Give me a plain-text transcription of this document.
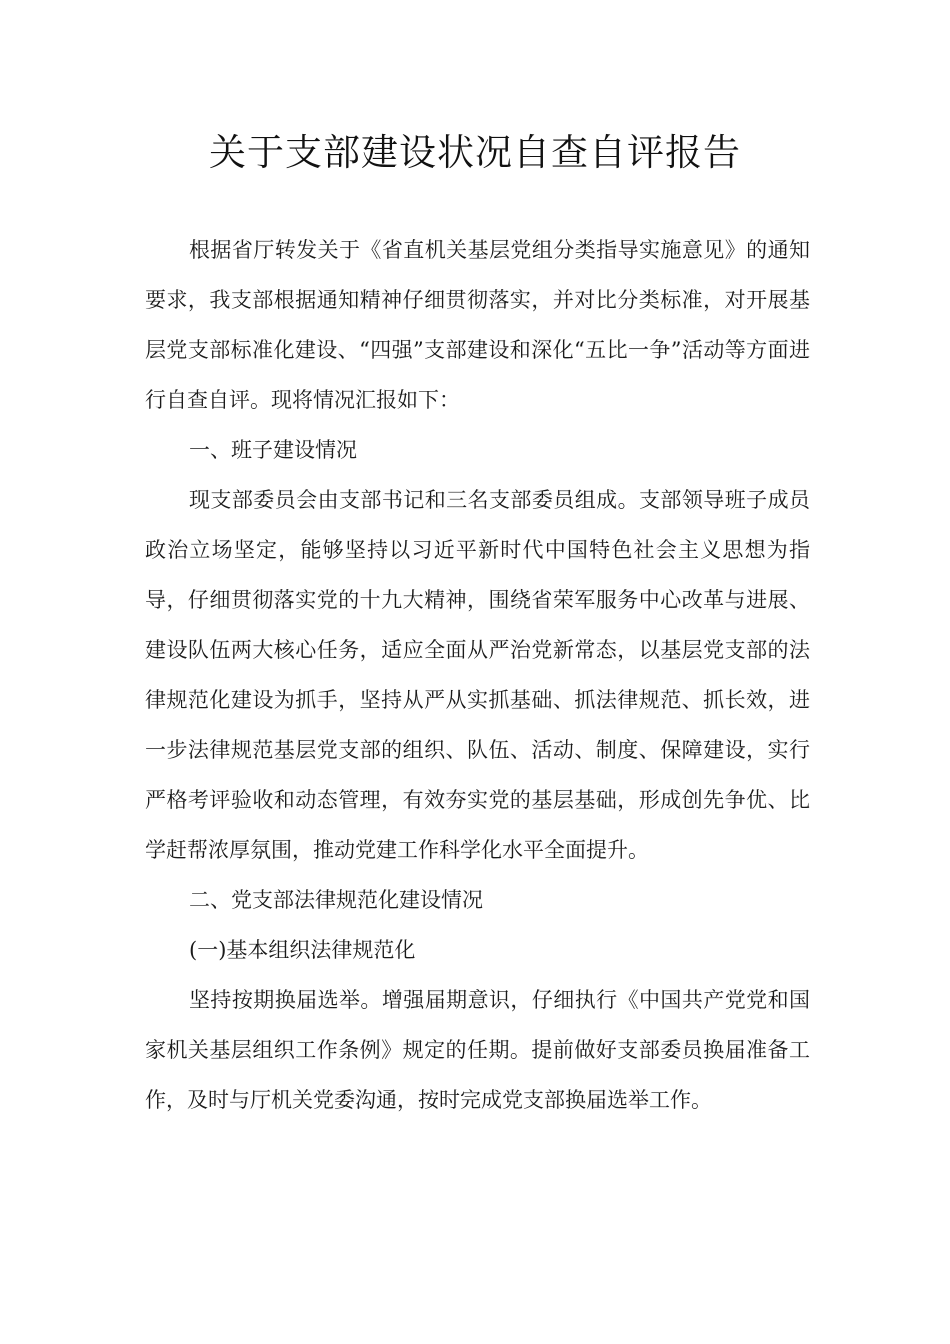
关于支部建设状况自查自评报告

根据省厅转发关于《省直机关基层党组分类指导实施意见》的通知要求，我支部根据通知精神仔细贯彻落实，并对比分类标准，对开展基层党支部标准化建设、“四强”支部建设和深化“五比一争”活动等方面进行自查自评。现将情况汇报如下：

一、班子建设情况

现支部委员会由支部书记和三名支部委员组成。支部领导班子成员政治立场坚定，能够坚持以习近平新时代中国特色社会主义思想为指导，仔细贯彻落实党的十九大精神，围绕省荣军服务中心改革与进展、建设队伍两大核心任务，适应全面从严治党新常态，以基层党支部的法律规范化建设为抓手，坚持从严从实抓基础、抓法律规范、抓长效，进一步法律规范基层党支部的组织、队伍、活动、制度、保障建设，实行严格考评验收和动态管理，有效夯实党的基层基础，形成创先争优、比学赶帮浓厚氛围，推动党建工作科学化水平全面提升。

二、党支部法律规范化建设情况

(一)基本组织法律规范化

坚持按期换届选举。增强届期意识，仔细执行《中国共产党党和国家机关基层组织工作条例》规定的任期。提前做好支部委员换届准备工作，及时与厅机关党委沟通，按时完成党支部换届选举工作。
